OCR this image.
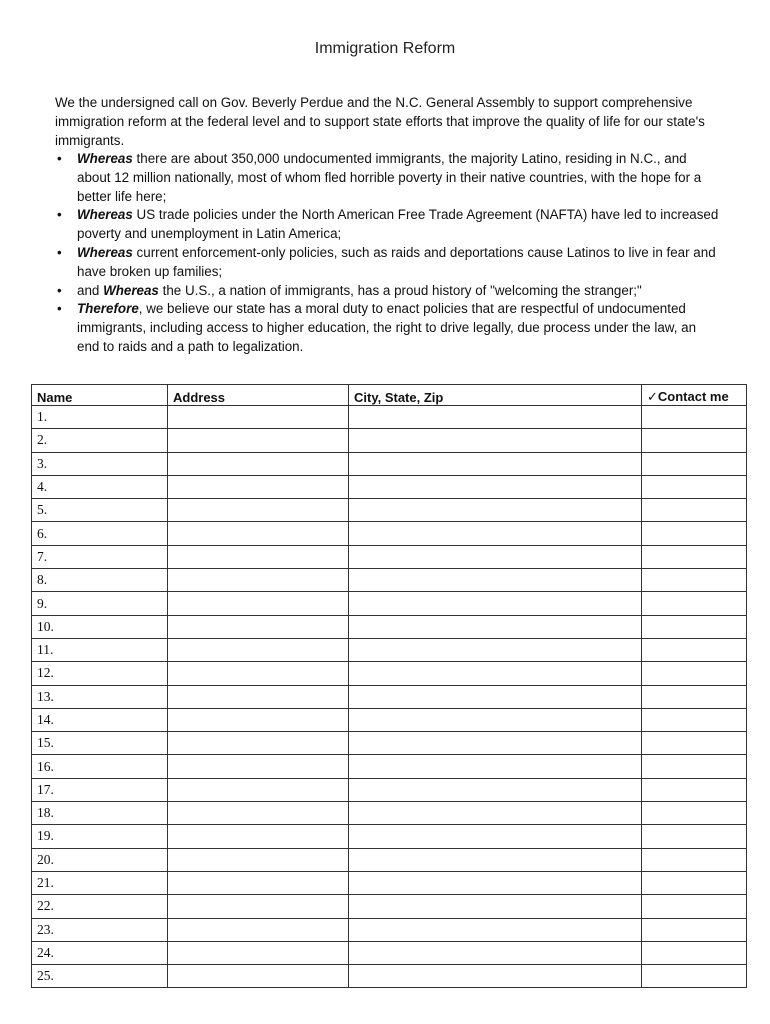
Immigration Reform

We the undersigned call on Gov. Beverly Perdue and the N.C. General Assembly to support comprehensive immigration reform at the federal level and to support state efforts that improve the quality of life for our state's immigrants.

• Whereas there are about 350,000 undocumented immigrants, the majority Latino, residing in N.C., and about 12 million nationally, most of whom fled horrible poverty in their native countries, with the hope for a better life here;
• Whereas US trade policies under the North American Free Trade Agreement (NAFTA) have led to increased poverty and unemployment in Latin America;
• Whereas current enforcement-only policies, such as raids and deportations cause Latinos to live in fear and have broken up families;
• and Whereas the U.S., a nation of immigrants, has a proud history of "welcoming the stranger;"
• Therefore, we believe our state has a moral duty to enact policies that are respectful of undocumented immigrants, including access to higher education, the right to drive legally, due process under the law, an end to raids and a path to legalization.
Name	Address	City, State, Zip	✓Contact me
1.			
2.			
3.			
4.			
5.			
6.			
7.			
8.			
9.			
10.			
11.			
12.			
13.			
14.			
15.			
16.			
17.			
18.			
19.			
20.			
21.			
22.			
23.			
24.			
25.			
